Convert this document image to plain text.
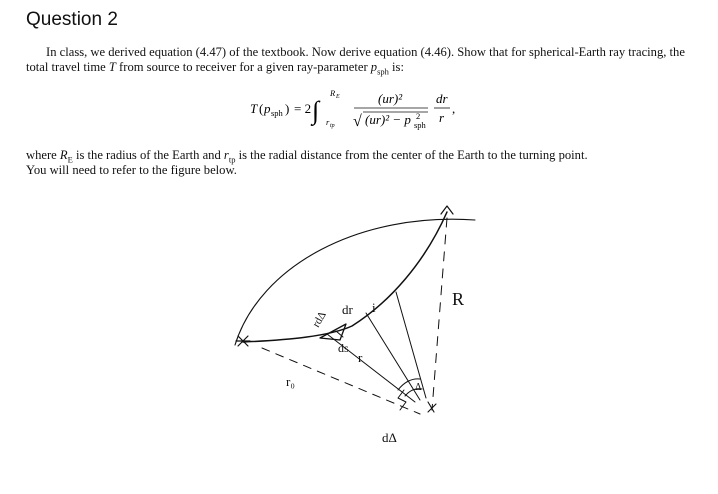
Question 2

In class, we derived equation (4.47) of the textbook. Now derive equation (4.46). Show that for spherical-Earth ray tracing, the total travel time T from source to receiver for a given ray-parameter $p_{sph}$ is:

T ( p sph ) = 2 ∫
R E
r tp
(ur)²
√ (ur)² − p 2
sph
dr
r
,

where $R_E$ is the radius of the Earth and $r_{tp}$ is the radial distance from the center of the Earth to the turning point.
You will need to refer to the figure below.

R
dr i
rdΔ
ds
r
r₀
dΔ
Δ
